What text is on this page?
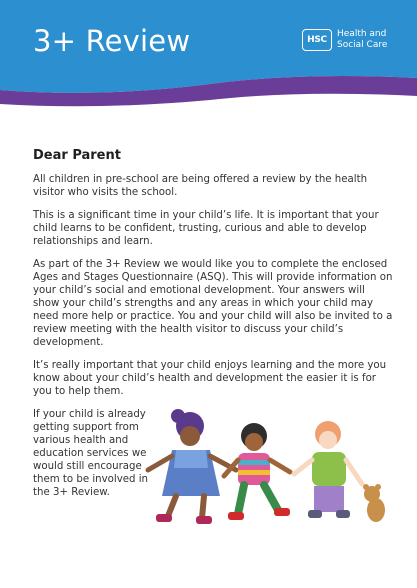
3+ Review	HSC
Health and
Social Care
Dear Parent

All children in pre-school are being offered a review by the health visitor who visits the school.

This is a significant time in your child’s life. It is important that your child learns to be confident, trusting, curious and able to develop relationships and learn.

As part of the 3+ Review we would like you to complete the enclosed Ages and Stages Questionnaire (ASQ). This will provide information on your child’s social and emotional development. Your answers will show your child’s strengths and any areas in which your child may need more help or practice. You and your child will also be invited to a review meeting with the health visitor to discuss your child’s development.

It’s really important that your child enjoys learning and the more you know about your child’s health and development the easier it is for you to help them.

If your child is already getting support from various health and education services we would still encourage them to be involved in the 3+ Review.
